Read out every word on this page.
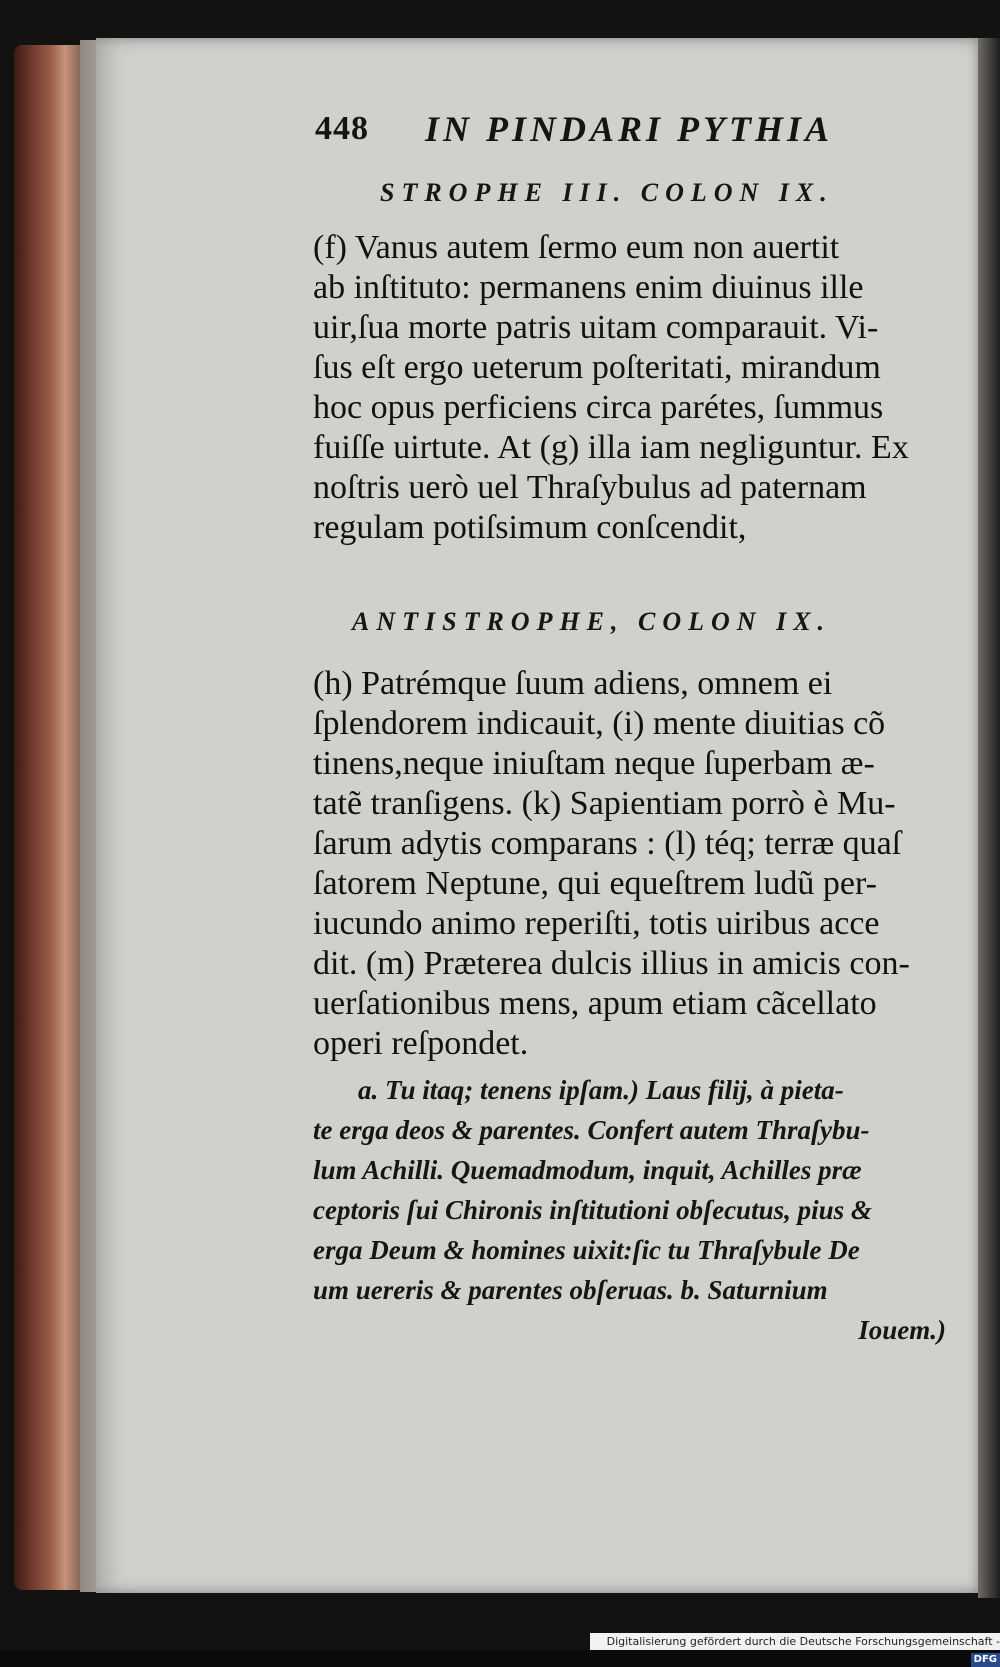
448 IN PINDARI PYTHIA
STROPHE III. COLON IX.
(f) Vanus autem ſermo eum non auertit
ab inſtituto: permanens enim diuinus ille
uir,ſua morte patris uitam comparauit. Vi-
ſus eſt ergo ueterum poſteritati, mirandum
hoc opus perficiens circa parétes, ſummus
fuiſſe uirtute. At (g) illa iam negliguntur. Ex
noſtris uerò uel Thraſybulus ad paternam
regulam potiſsimum conſcendit,
ANTISTROPHE, COLON IX.
(h) Patrémque ſuum adiens, omnem ei
ſplendorem indicauit, (i) mente diuitias cõ
tinens,neque iniuſtam neque ſuperbam æ-
tatẽ tranſigens. (k) Sapientiam porrò è Mu-
ſarum adytis comparans : (l) téq; terræ quaſ
ſatorem Neptune, qui equeſtrem ludũ per-
iucundo animo reperiſti, totis uiribus acce
dit. (m) Præterea dulcis illius in amicis con-
uerſationibus mens, apum etiam cãcellato
operi reſpondet.
a. Tu itaq; tenens ipſam.) Laus filij, à pieta-
te erga deos & parentes. Confert autem Thraſybu-
lum Achilli. Quemadmodum, inquit, Achilles præ
ceptoris ſui Chironis inſtitutioni obſecutus, pius &
erga Deum & homines uixit:ſic tu Thraſybule De
um uereris & parentes obſeruas. b. Saturnium
Iouem.)
Digitalisierung gefördert durch die Deutsche Forschungsgemeinschaft -DFG
